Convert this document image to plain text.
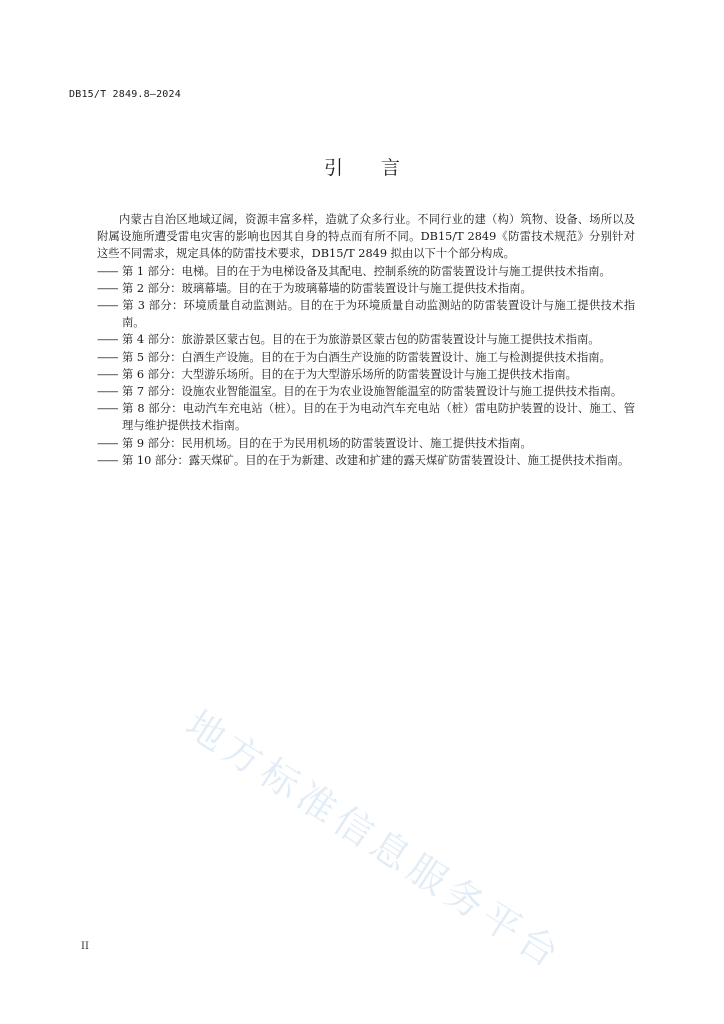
DB15/T 2849.8—2024
引言

内蒙古自治区地域辽阔，资源丰富多样，造就了众多行业。不同行业的建（构）筑物、设备、场所以及附属设施所遭受雷电灾害的影响也因其自身的特点而有所不同。DB15/T 2849《防雷技术规范》分别针对这些不同需求，规定具体的防雷技术要求，DB15/T 2849 拟由以下十个部分构成。

—— 第 1 部分：电梯。目的在于为电梯设备及其配电、控制系统的防雷装置设计与施工提供技术指南。
—— 第 2 部分：玻璃幕墙。目的在于为玻璃幕墙的防雷装置设计与施工提供技术指南。
—— 第 3 部分：环境质量自动监测站。目的在于为环境质量自动监测站的防雷装置设计与施工提供技术指南。
—— 第 4 部分：旅游景区蒙古包。目的在于为旅游景区蒙古包的防雷装置设计与施工提供技术指南。
—— 第 5 部分：白酒生产设施。目的在于为白酒生产设施的防雷装置设计、施工与检测提供技术指南。
—— 第 6 部分：大型游乐场所。目的在于为大型游乐场所的防雷装置设计与施工提供技术指南。
—— 第 7 部分：设施农业智能温室。目的在于为农业设施智能温室的防雷装置设计与施工提供技术指南。
—— 第 8 部分：电动汽车充电站（桩）。目的在于为电动汽车充电站（桩）雷电防护装置的设计、施工、管理与维护提供技术指南。
—— 第 9 部分：民用机场。目的在于为民用机场的防雷装置设计、施工提供技术指南。
—— 第 10 部分：露天煤矿。目的在于为新建、改建和扩建的露天煤矿防雷装置设计、施工提供技术指南。
地方标准信息服务平台
II
